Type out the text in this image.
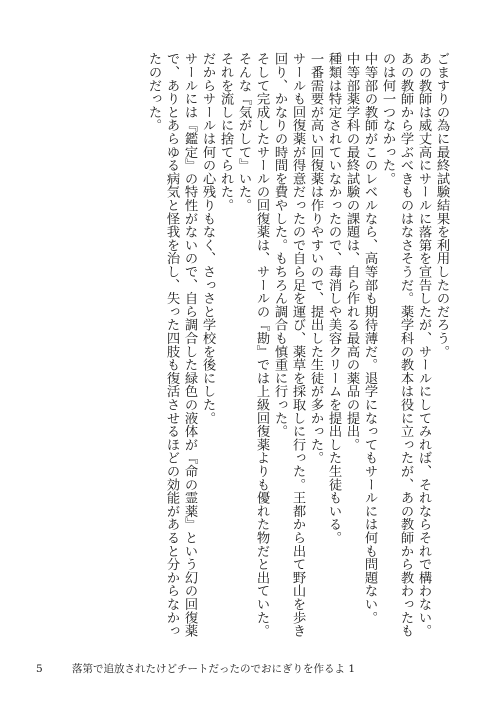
ごますりの為に最終試験結果を利用したのだろう。

あの教師は威丈高にサールに落第を宣告したが、サールにしてみれば、それならそれで構わない。あの教師から学ぶべきものはなさそうだ。薬学科の教本は役に立ったが、あの教師から教わったものは何一つなかった。

中等部の教師がこのレベルなら、高等部も期待薄だ。退学になってもサールには何も問題ない。

中等部薬学科の最終試験の課題は、自ら作れる最高の薬品の提出。

種類は特定されていなかったので、毒消しや美容クリームを提出した生徒もいる。

一番需要が高い回復薬は作りやすいので、提出した生徒が多かった。

サールも回復薬が得意だったので自ら足を運び、薬草を採取しに行った。王都から出て野山を歩き回り、かなりの時間を費やした。もちろん調合も慎重に行った。

そして完成したサールの回復薬は、サールの『勘』では上級回復薬よりも優れた物だと出ていた。

そんな『気がして』いた。

それを流しに捨てられた。

だからサールは何の心残りもなく、さっさと学校を後にした。

サールには『鑑定』の特性がないので、自ら調合した緑色の液体が『命の霊薬』という幻の回復薬で、ありとあらゆる病気と怪我を治し、失った四肢も復活させるほどの効能があると分からなかったのだった。

5	落第で追放されたけどチートだったのでおにぎりを作るよ 1
